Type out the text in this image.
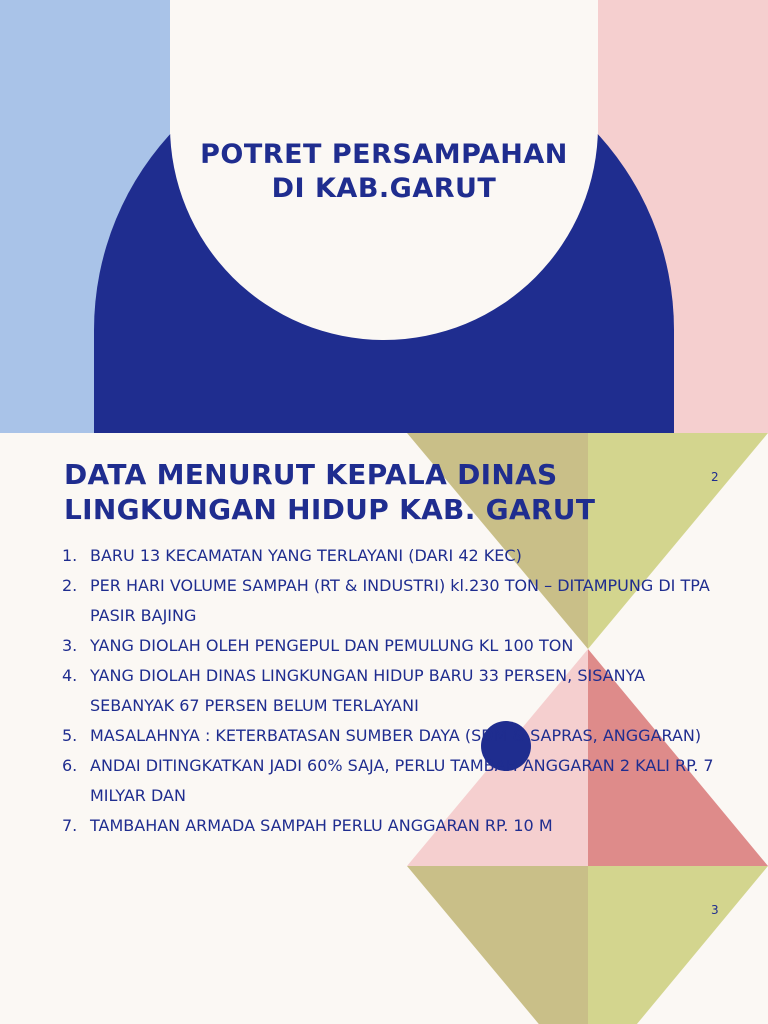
POTRET PERSAMPAHAN
DI KAB.GARUT
DATA MENURUT KEPALA DINAS
LINGKUNGAN HIDUP KAB. GARUT
2
1. BARU 13 KECAMATAN YANG TERLAYANI (DARI 42 KEC)
2. PER HARI VOLUME SAMPAH (RT & INDUSTRI) kl.230 TON – DITAMPUNG DI TPA PASIR BAJING
3. YANG DIOLAH OLEH PENGEPUL DAN PEMULUNG KL 100 TON
4. YANG DIOLAH DINAS LINGKUNGAN HIDUP BARU 33 PERSEN, SISANYA SEBANYAK 67 PERSEN BELUM TERLAYANI
5. MASALAHNYA : KETERBATASAN SUMBER DAYA (SDM & SAPRAS, ANGGARAN)
6. ANDAI DITINGKATKAN JADI 60% SAJA, PERLU TAMBAH ANGGARAN 2 KALI RP. 7 MILYAR DAN
7. TAMBAHAN ARMADA SAMPAH PERLU ANGGARAN RP. 10 M
3
